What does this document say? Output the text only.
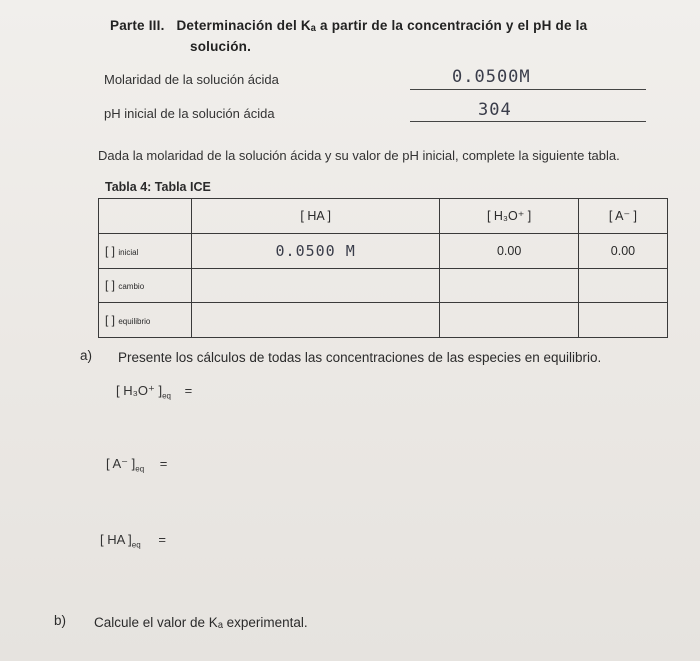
Parte III. Determinación del Kₐ a partir de la concentración y el pH de la
solución.
Molaridad de la solución ácida	0.0500M
pH inicial de la solución ácida	304
Dada la molaridad de la solución ácida y su valor de pH inicial, complete la siguiente tabla.
Tabla 4: Tabla ICE
	[ HA ]	[ H₃O⁺ ]	[ A⁻ ]
[ ] inicial	0.0500 M	0.00	0.00
[ ] cambio			
[ ] equilibrio			
a) Presente los cálculos de todas las concentraciones de las especies en equilibrio.
[ H₃O⁺ ]$_{eq}$ =
[ A⁻ ]$_{eq}$ =
[ HA ]$_{eq}$ =
b) Calcule el valor de Kₐ experimental.
